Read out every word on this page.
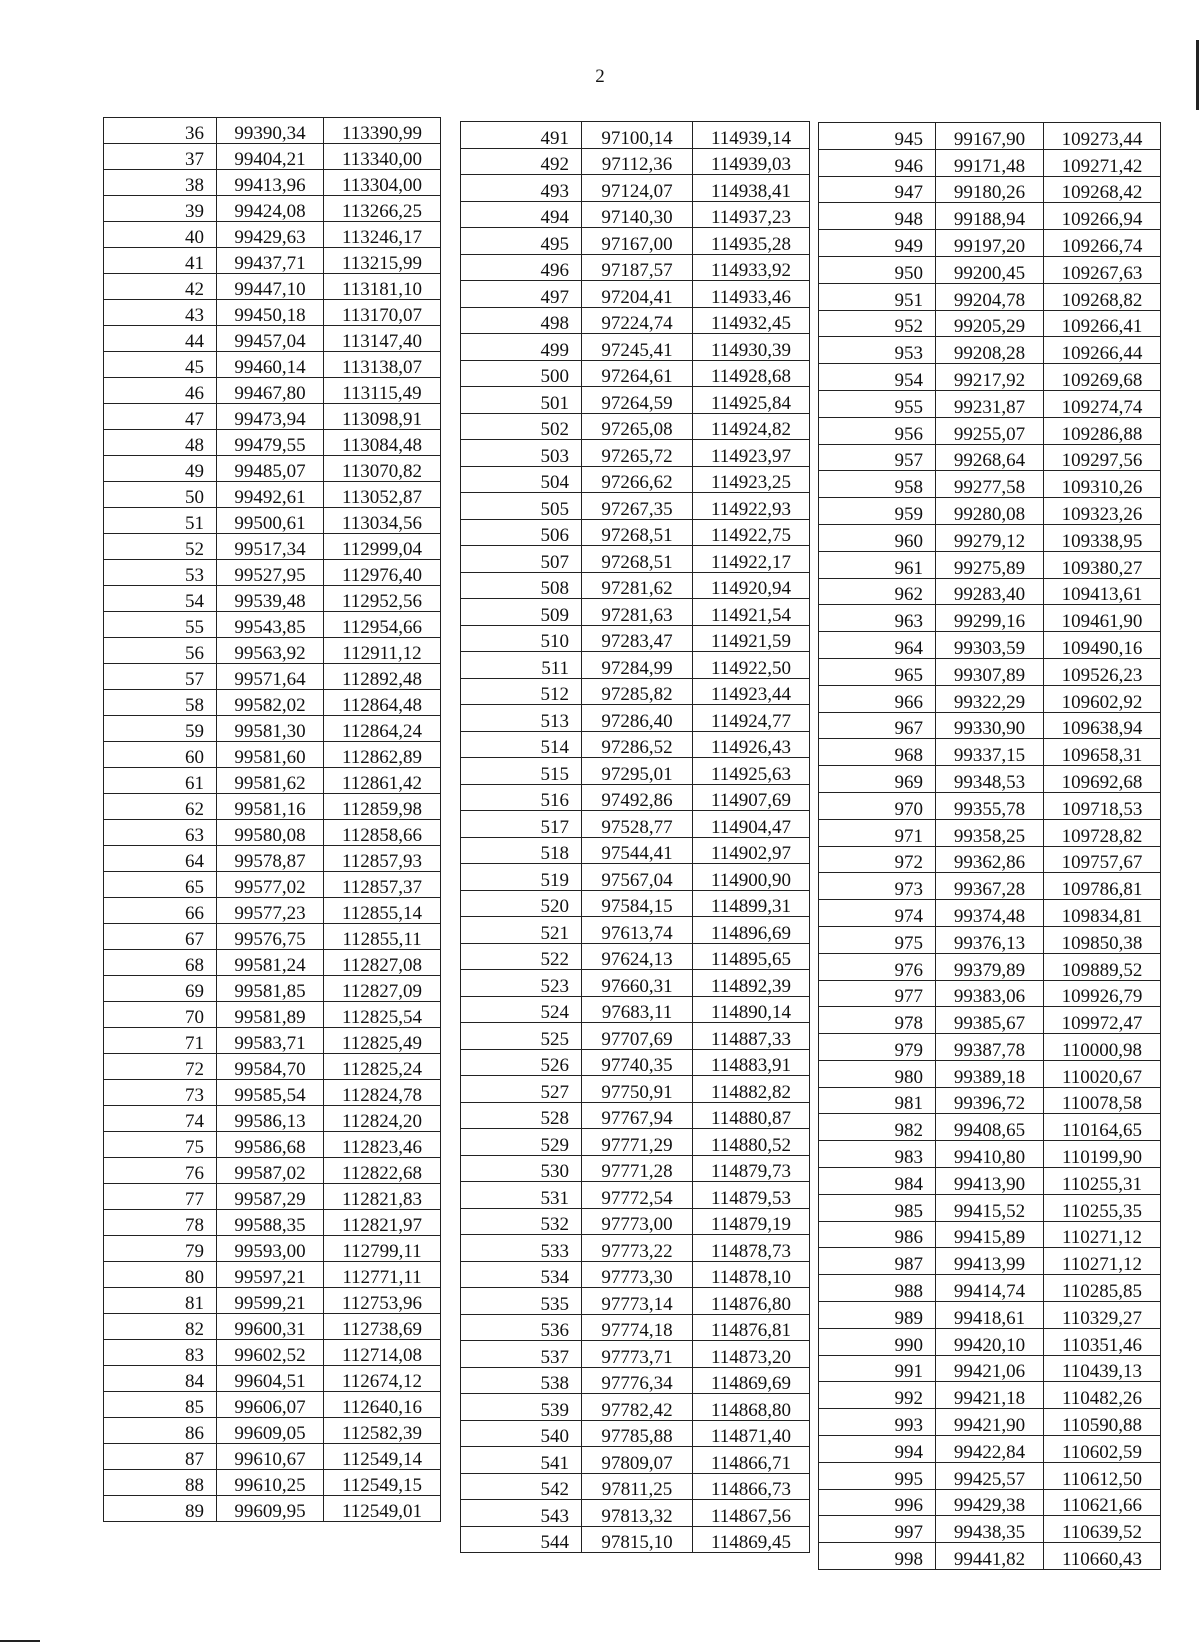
2
36	99390,34	113390,99
37	99404,21	113340,00
38	99413,96	113304,00
39	99424,08	113266,25
40	99429,63	113246,17
41	99437,71	113215,99
42	99447,10	113181,10
43	99450,18	113170,07
44	99457,04	113147,40
45	99460,14	113138,07
46	99467,80	113115,49
47	99473,94	113098,91
48	99479,55	113084,48
49	99485,07	113070,82
50	99492,61	113052,87
51	99500,61	113034,56
52	99517,34	112999,04
53	99527,95	112976,40
54	99539,48	112952,56
55	99543,85	112954,66
56	99563,92	112911,12
57	99571,64	112892,48
58	99582,02	112864,48
59	99581,30	112864,24
60	99581,60	112862,89
61	99581,62	112861,42
62	99581,16	112859,98
63	99580,08	112858,66
64	99578,87	112857,93
65	99577,02	112857,37
66	99577,23	112855,14
67	99576,75	112855,11
68	99581,24	112827,08
69	99581,85	112827,09
70	99581,89	112825,54
71	99583,71	112825,49
72	99584,70	112825,24
73	99585,54	112824,78
74	99586,13	112824,20
75	99586,68	112823,46
76	99587,02	112822,68
77	99587,29	112821,83
78	99588,35	112821,97
79	99593,00	112799,11
80	99597,21	112771,11
81	99599,21	112753,96
82	99600,31	112738,69
83	99602,52	112714,08
84	99604,51	112674,12
85	99606,07	112640,16
86	99609,05	112582,39
87	99610,67	112549,14
88	99610,25	112549,15
89	99609,95	112549,01
491	97100,14	114939,14
492	97112,36	114939,03
493	97124,07	114938,41
494	97140,30	114937,23
495	97167,00	114935,28
496	97187,57	114933,92
497	97204,41	114933,46
498	97224,74	114932,45
499	97245,41	114930,39
500	97264,61	114928,68
501	97264,59	114925,84
502	97265,08	114924,82
503	97265,72	114923,97
504	97266,62	114923,25
505	97267,35	114922,93
506	97268,51	114922,75
507	97268,51	114922,17
508	97281,62	114920,94
509	97281,63	114921,54
510	97283,47	114921,59
511	97284,99	114922,50
512	97285,82	114923,44
513	97286,40	114924,77
514	97286,52	114926,43
515	97295,01	114925,63
516	97492,86	114907,69
517	97528,77	114904,47
518	97544,41	114902,97
519	97567,04	114900,90
520	97584,15	114899,31
521	97613,74	114896,69
522	97624,13	114895,65
523	97660,31	114892,39
524	97683,11	114890,14
525	97707,69	114887,33
526	97740,35	114883,91
527	97750,91	114882,82
528	97767,94	114880,87
529	97771,29	114880,52
530	97771,28	114879,73
531	97772,54	114879,53
532	97773,00	114879,19
533	97773,22	114878,73
534	97773,30	114878,10
535	97773,14	114876,80
536	97774,18	114876,81
537	97773,71	114873,20
538	97776,34	114869,69
539	97782,42	114868,80
540	97785,88	114871,40
541	97809,07	114866,71
542	97811,25	114866,73
543	97813,32	114867,56
544	97815,10	114869,45
945	99167,90	109273,44
946	99171,48	109271,42
947	99180,26	109268,42
948	99188,94	109266,94
949	99197,20	109266,74
950	99200,45	109267,63
951	99204,78	109268,82
952	99205,29	109266,41
953	99208,28	109266,44
954	99217,92	109269,68
955	99231,87	109274,74
956	99255,07	109286,88
957	99268,64	109297,56
958	99277,58	109310,26
959	99280,08	109323,26
960	99279,12	109338,95
961	99275,89	109380,27
962	99283,40	109413,61
963	99299,16	109461,90
964	99303,59	109490,16
965	99307,89	109526,23
966	99322,29	109602,92
967	99330,90	109638,94
968	99337,15	109658,31
969	99348,53	109692,68
970	99355,78	109718,53
971	99358,25	109728,82
972	99362,86	109757,67
973	99367,28	109786,81
974	99374,48	109834,81
975	99376,13	109850,38
976	99379,89	109889,52
977	99383,06	109926,79
978	99385,67	109972,47
979	99387,78	110000,98
980	99389,18	110020,67
981	99396,72	110078,58
982	99408,65	110164,65
983	99410,80	110199,90
984	99413,90	110255,31
985	99415,52	110255,35
986	99415,89	110271,12
987	99413,99	110271,12
988	99414,74	110285,85
989	99418,61	110329,27
990	99420,10	110351,46
991	99421,06	110439,13
992	99421,18	110482,26
993	99421,90	110590,88
994	99422,84	110602,59
995	99425,57	110612,50
996	99429,38	110621,66
997	99438,35	110639,52
998	99441,82	110660,43
